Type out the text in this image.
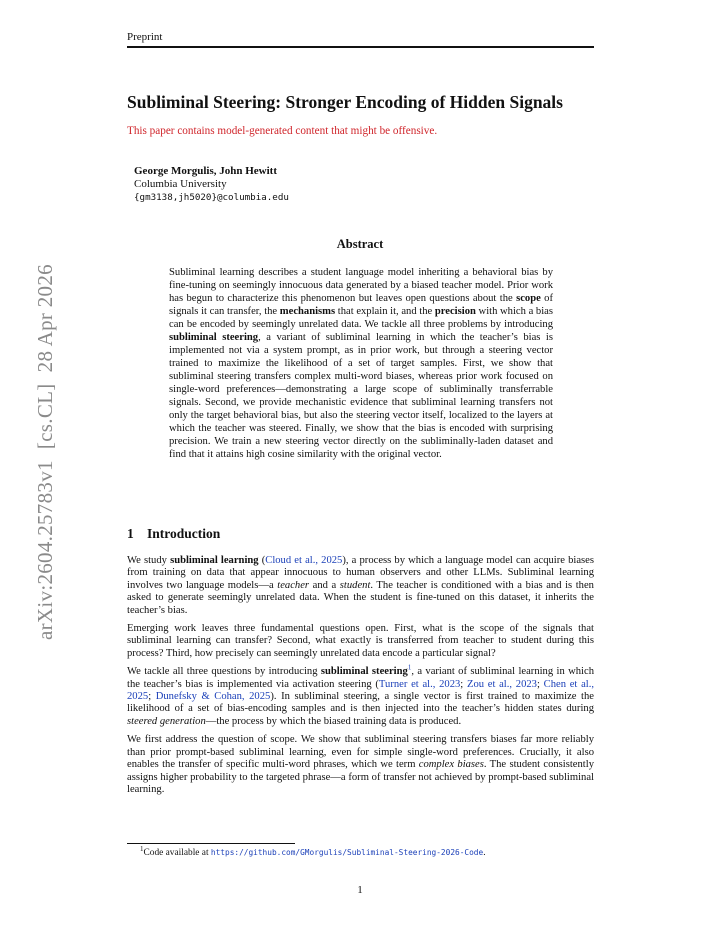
Preprint
Subliminal Steering: Stronger Encoding of Hidden Signals
This paper contains model-generated content that might be offensive.
George Morgulis, John Hewitt
Columbia University
{gm3138,jh5020}@columbia.edu
Abstract
Subliminal learning describes a student language model inheriting a behavioral bias by fine-tuning on seemingly innocuous data generated by a biased teacher model. Prior work has begun to characterize this phenomenon but leaves open questions about the scope of signals it can transfer, the mechanisms that explain it, and the precision with which a bias can be encoded by seemingly unrelated data. We tackle all three problems by introducing subliminal steering, a variant of subliminal learning in which the teacher’s bias is implemented not via a system prompt, as in prior work, but through a steering vector trained to maximize the likelihood of a set of target samples. First, we show that subliminal steering transfers complex multi-word biases, whereas prior work focused on single-word preferences—demonstrating a large scope of subliminally transferrable signals. Second, we provide mechanistic evidence that subliminal learning transfers not only the target behavioral bias, but also the steering vector itself, localized to the layers at which the teacher was steered. Finally, we show that the bias is encoded with surprising precision. We train a new steering vector directly on the subliminally-laden dataset and find that it attains high cosine similarity with the original vector.
1 Introduction

We study subliminal learning (Cloud et al., 2025), a process by which a language model can acquire biases from training on data that appear innocuous to human observers and other LLMs. Subliminal learning involves two language models—a teacher and a student. The teacher is conditioned with a bias and is then asked to generate seemingly unrelated data. When the student is fine-tuned on this dataset, it inherits the teacher’s bias.

Emerging work leaves three fundamental questions open. First, what is the scope of the signals that subliminal learning can transfer? Second, what exactly is transferred from teacher to student during this process? Third, how precisely can seemingly unrelated data encode a particular signal?

We tackle all three questions by introducing subliminal steering$^1$, a variant of subliminal learning in which the teacher’s bias is implemented via activation steering (Turner et al., 2023; Zou et al., 2023; Chen et al., 2025; Dunefsky & Cohan, 2025). In subliminal steering, a single vector is first trained to maximize the likelihood of a set of bias-encoding samples and is then injected into the teacher’s hidden states during steered generation—the process by which the biased training data is produced.

We first address the question of scope. We show that subliminal steering transfers biases far more reliably than prior prompt-based subliminal learning, even for simple single-word preferences. Crucially, it also enables the transfer of specific multi-word phrases, which we term complex biases. The student consistently assigns higher probability to the targeted phrase—a form of transfer not achieved by prompt-based subliminal learning.

$^1$Code available at https://github.com/GMorgulis/Subliminal-Steering-2026-Code.
1
arXiv:2604.25783v1  [cs.CL]  28 Apr 2026
